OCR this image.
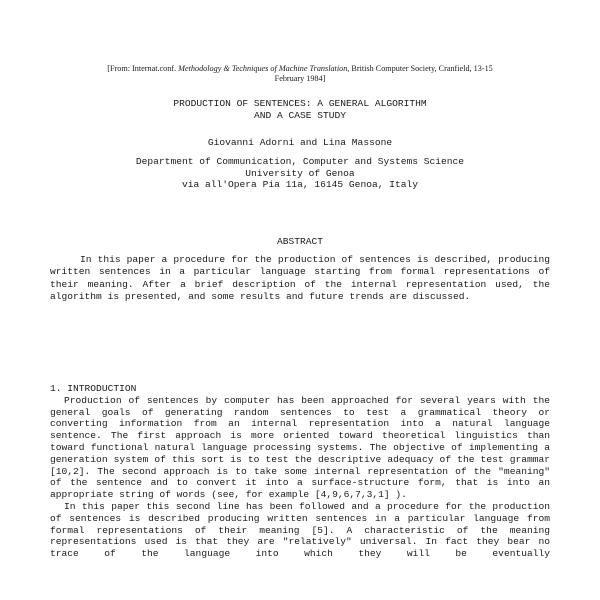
[From: Internat.conf. Methodology & Techniques of Machine Translation, British Computer Society, Cranfield, 13-15
February 1984]
PRODUCTION OF SENTENCES: A GENERAL ALGORITHM
AND A CASE STUDY
Giovanni Adorni and Lina Massone
Department of Communication, Computer and Systems Science
University of Genoa
via all'Opera Pia 11a, 16145 Genoa, Italy
ABSTRACT

In this paper a procedure for the production of sentences is described, producing written sentences in a particular language starting from formal representations of their meaning. After a brief description of the internal representation used, the algorithm is presented, and some results and future trends are discussed.

1. INTRODUCTION

Production of sentences by computer has been approached for several years with the general goals of generating random sentences to test a grammatical theory or converting information from an internal representation into a natural language sentence. The first approach is more oriented toward theoretical linguistics than toward functional natural language processing systems. The objective of implementing a generation system of this sort is to test the descriptive adequacy of the test grammar [10,2]. The second approach is to take some internal representation of the "meaning" of the sentence and to convert it into a surface-structure form, that is into an appropriate string of words (see, for example [4,9,6,7,3,1] ).

In this paper this second line has been followed and a procedure for the production of sentences is described producing written sentences in a particular language from formal representations of their meaning [5]. A characteristic of the meaning representations used is that they are "relatively" universal. In fact they bear no trace of the language into which they will be eventually
